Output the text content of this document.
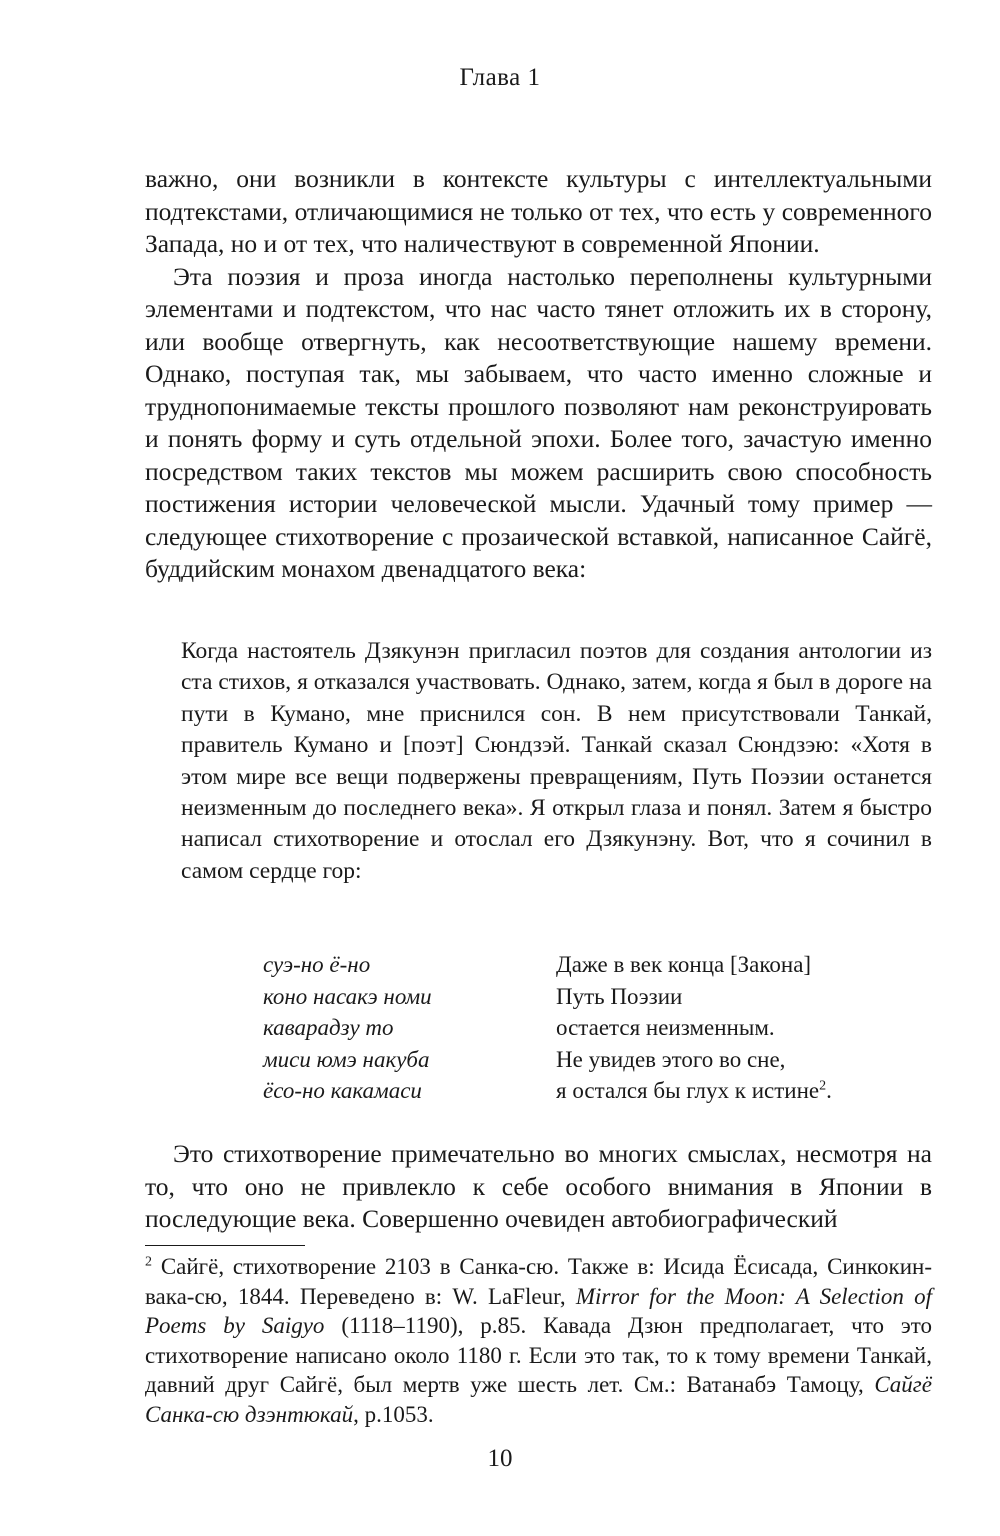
Глава 1

важно, они возникли в контексте культуры с интеллектуальными подтекстами, отличающимися не только от тех, что есть у современного Запада, но и от тех, что наличествуют в современной Японии.

Эта поэзия и проза иногда настолько переполнены культурными элементами и подтекстом, что нас часто тянет отложить их в сторону, или вообще отвергнуть, как несоответствующие нашему времени. Однако, поступая так, мы забываем, что часто именно сложные и труднопонимаемые тексты прошлого позволяют нам реконструировать и понять форму и суть отдельной эпохи. Более того, зачастую именно посредством таких текстов мы можем расширить свою способность постижения истории человеческой мысли. Удачный тому пример — следующее стихотворение с прозаической вставкой, написанное Сайгё, буддийским монахом двенадцатого века:

Когда настоятель Дзякунэн пригласил поэтов для создания антологии из ста стихов, я отказался участвовать. Однако, затем, когда я был в дороге на пути в Кумано, мне приснился сон. В нем присутствовали Танкай, правитель Кумано и [поэт] Сюндзэй. Танкай сказал Сюндзэю: «Хотя в этом мире все вещи подвержены превращениям, Путь Поэзии останется неизменным до последнего века». Я открыл глаза и понял. Затем я быстро написал стихотворение и отослал его Дзякунэну. Вот, что я сочинил в самом сердце гор:

суэ-но ё-но
коно насакэ номи
каварадзу то
миси юмэ накуба
ёсо-но какамаси
Даже в век конца [Закона]
Путь Поэзии
остается неизменным.
Не увидев этого во сне,
я остался бы глух к истине$^2$.

Это стихотворение примечательно во многих смыслах, несмотря на то, что оно не привлекло к себе особого внимания в Японии в последующие века. Совершенно очевиден автобиографический

$^2$ Сайгё, стихотворение 2103 в Санка-сю. Также в: Исида Ёсисада, Синкокин-вака-сю, 1844. Переведено в: W. LaFleur, Mirror for the Moon: A Selection of Poems by Saigyo (1118–1190), p.85. Кавада Дзюн предполагает, что это стихотворение написано около 1180 г. Если это так, то к тому времени Танкай, давний друг Сайгё, был мертв уже шесть лет. См.: Ватанабэ Тамоцу, Сайгё Санка-сю дзэнтюкай, p.1053.

10
